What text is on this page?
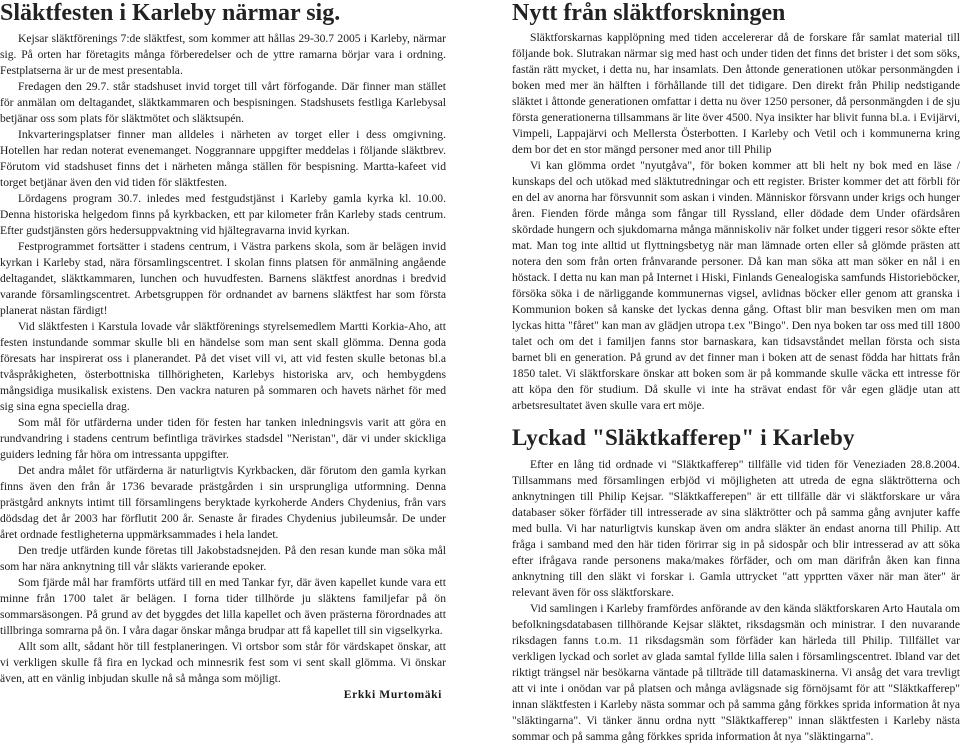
Släktfesten i Karleby närmar sig.

Kejsar släktförenings 7:de släktfest, som kommer att hållas 29-30.7 2005 i Karleby, närmar sig. På orten har företagits många förberedelser och de yttre ramarna börjar vara i ordning. Festplatserna är ur de mest presentabla.

Fredagen den 29.7. står stadshuset invid torget till vårt förfogande. Där finner man stället för anmälan om deltagandet, släktkammaren och bespisningen. Stadshusets festliga Karlebysal betjänar oss som plats för släktmötet och släktsupén.

Inkvarteringsplatser finner man alldeles i närheten av torget eller i dess omgivning. Hotellen har redan noterat evenemanget. Noggrannare uppgifter meddelas i följande släktbrev. Förutom vid stadshuset finns det i närheten många ställen för bespisning. Martta-kafeet vid torget betjänar även den vid tiden för släktfesten.

Lördagens program 30.7. inledes med festgudstjänst i Karleby gamla kyrka kl. 10.00. Denna historiska helgedom finns på kyrkbacken, ett par kilometer från Karleby stads centrum. Efter gudstjänsten görs hedersuppvaktning vid hjältegravarna invid kyrkan.

Festprogrammet fortsätter i stadens centrum, i Västra parkens skola, som är belägen invid kyrkan i Karleby stad, nära församlingscentret. I skolan finns platsen för anmälning angående deltagandet, släktkammaren, lunchen och huvudfesten. Barnens släktfest anordnas i bredvid varande församlingscentret. Arbetsgruppen för ordnandet av barnens släktfest har som första planerat nästan färdigt!

Vid släktfesten i Karstula lovade vår släktförenings styrelsemedlem Martti Korkia-Aho, att festen instundande sommar skulle bli en händelse som man sent skall glömma. Denna goda föresats har inspirerat oss i planerandet. På det viset vill vi, att vid festen skulle betonas bl.a tvåspråkigheten, österbottniska tillhörigheten, Karlebys historiska arv, och hembygdens mångsidiga musikalisk existens. Den vackra naturen på sommaren och havets närhet för med sig sina egna speciella drag.

Som mål för utfärderna under tiden för festen har tanken inledningsvis varit att göra en rundvandring i stadens centrum befintliga trävirkes stadsdel "Neristan", där vi under skickliga guiders ledning får höra om intressanta uppgifter.

Det andra målet för utfärderna är naturligtvis Kyrkbacken, där förutom den gamla kyrkan finns även den från år 1736 bevarade prästgården i sin ursprungliga utformning. Denna prästgård anknyts intimt till församlingens beryktade kyrkoherde Anders Chydenius, från vars dödsdag det år 2003 har förflutit 200 år. Senaste år firades Chydenius jubileumsår. De under året ordnade festligheterna uppmärksammades i hela landet.

Den tredje utfärden kunde företas till Jakobstadsnejden. På den resan kunde man söka mål som har nära anknytning till vår släkts varierande epoker.

Som fjärde mål har framförts utfärd till en med Tankar fyr, där även kapellet kunde vara ett minne från 1700 talet är belägen. I forna tider tillhörde ju släktens familjefar på ön sommarsäsongen. På grund av det byggdes det lilla kapellet och även prästerna förordnades att tillbringa somrarna på ön. I våra dagar önskar många brudpar att få kapellet till sin vigselkyrka.

Allt som allt, sådant hör till festplaneringen. Vi ortsbor som står för värdskapet önskar, att vi verkligen skulle få fira en lyckad och minnesrik fest som vi sent skall glömma. Vi önskar även, att en vänlig inbjudan skulle nå så många som möjligt.

Erkki Murtomäki
Nytt från släktforskningen

Släktforskarnas kapplöpning med tiden accelererar då de forskare får samlat material till följande bok. Slutrakan närmar sig med hast och under tiden det finns det brister i det som söks, fastän rätt mycket, i detta nu, har insamlats. Den åttonde generationen utökar personmängden i boken med mer än hälften i förhållande till det tidigare. Den direkt från Philip nedstigande släktet i åttonde generationen omfattar i detta nu över 1250 personer, då personmängden i de sju första generationerna tillsammans är lite över 4500. Nya insikter har blivit funna bl.a. i Evijärvi, Vimpeli, Lappajärvi och Mellersta Österbotten. I Karleby och Vetil och i kommunerna kring dem bor det en stor mängd personer med anor till Philip

Vi kan glömma ordet "nyutgåva", för boken kommer att bli helt ny bok med en läse / kunskaps del och utökad med släktutredningar och ett register. Brister kommer det att förbli för en del av anorna har försvunnit som askan i vinden. Människor försvann under krigs och hunger åren. Fienden förde många som fångar till Ryssland, eller dödade dem Under ofärdsåren skördade hungern och sjukdomarna många människoliv när folket under tiggeri resor sökte efter mat. Man tog inte alltid ut flyttningsbetyg när man lämnade orten eller så glömde prästen att notera den som från orten frånvarande personer. Då kan man söka att man söker en nål i en höstack. I detta nu kan man på Internet i Hiski, Finlands Genealogiska samfunds Historieböcker, försöka söka i de närliggande kommunernas vigsel, avlidnas böcker eller genom att granska i Kommunion boken så kanske det lyckas denna gång. Oftast blir man besviken men om man lyckas hitta "fåret" kan man av glädjen utropa t.ex "Bingo". Den nya boken tar oss med till 1800 talet och om det i familjen fanns stor barnaskara, kan tidsavståndet mellan första och sista barnet bli en generation. På grund av det finner man i boken att de senast födda har hittats från 1850 talet. Vi släktforskare önskar att boken som är på kommande skulle väcka ett intresse för att köpa den för studium. Då skulle vi inte ha strävat endast för vår egen glädje utan att arbetsresultatet även skulle vara ert möje.

Lyckad "Släktkafferep" i Karleby

Efter en lång tid ordnade vi "Släktkafferep" tillfälle vid tiden för Veneziaden 28.8.2004. Tillsammans med församlingen erbjöd vi möjligheten att utreda de egna släktrötterna och anknytningen till Philip Kejsar. "Släktkafferepen" är ett tillfälle där vi släktforskare ur våra databaser söker förfäder till intresserade av sina släktrötter och på samma gång avnjuter kaffe med bulla. Vi har naturligtvis kunskap även om andra släkter än endast anorna till Philip. Att fråga i samband med den här tiden förirrar sig in på sidospår och blir intresserad av att söka efter ifrågava rande personens maka/makes förfäder, och om man därifrån åken kan finna anknytning till den släkt vi forskar i. Gamla uttrycket "att ypprtten växer när man äter" är relevant även för oss släktforskare.

Vid samlingen i Karleby framfördes anförande av den kända släktforskaren Arto Hautala om befolkningsdatabasen tillhörande Kejsar släktet, riksdagsmän och ministrar. I den nuvarande riksdagen fanns t.o.m. 11 riksdagsmän som förfäder kan härleda till Philip. Tillfället var verkligen lyckad och sorlet av glada samtal fyllde lilla salen i församlingscentret. Ibland var det riktigt trängsel när besökarna väntade på tillträde till datamaskinerna. Vi ansåg det vara trevligt att vi inte i onödan var på platsen och många avlägsnade sig förnöjsamt för att "Släktkafferep" innan släktfesten i Karleby nästa sommar och på samma gång förkkes sprida information åt nya "släktingarna". Vi tänker ännu ordna nytt "Släktkafferep" innan släktfesten i Karleby nästa sommar och på samma gång förkkes sprida information åt nya "släktingarna".
